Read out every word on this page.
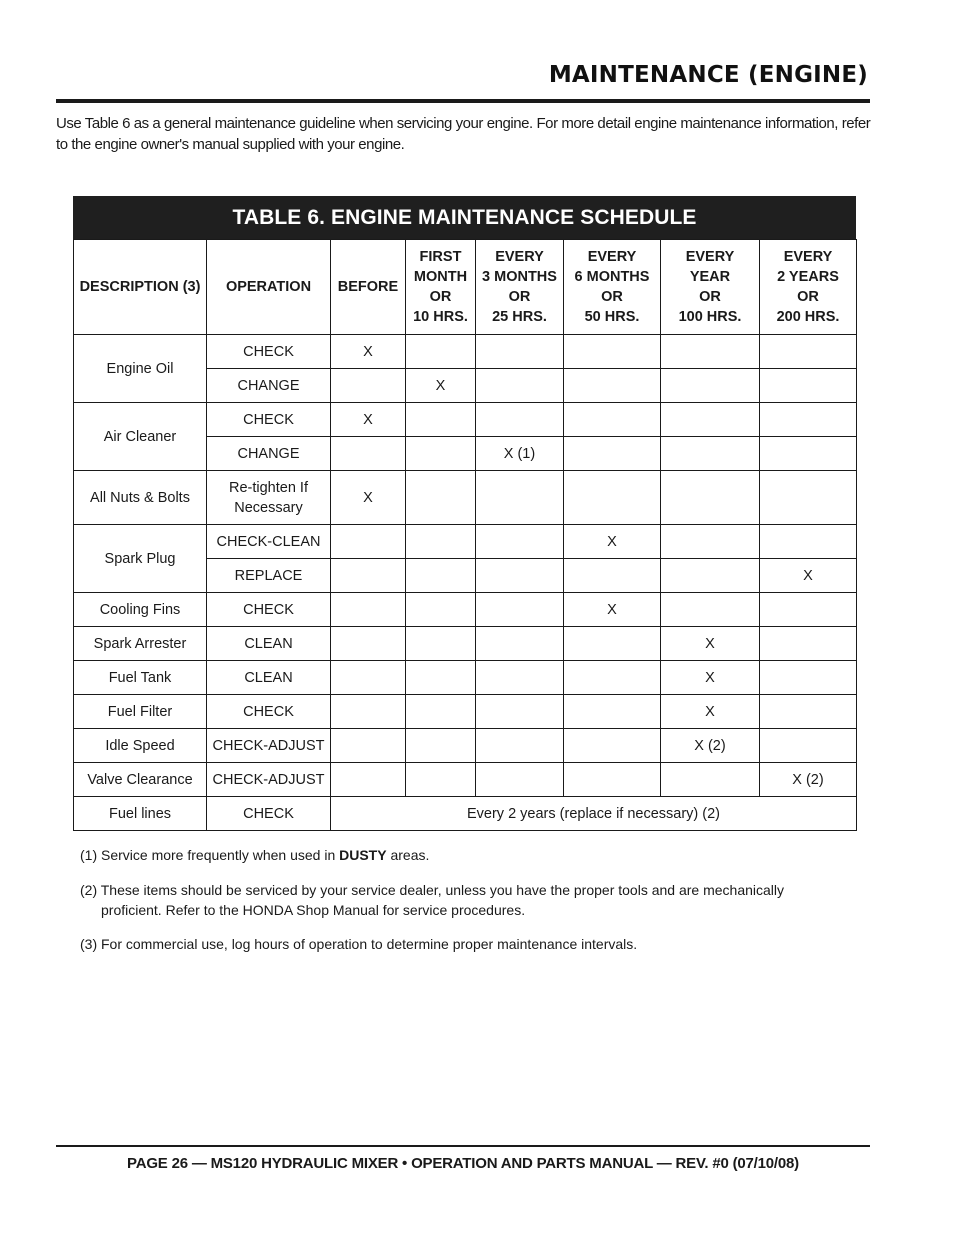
MAINTENANCE (ENGINE)

Use Table 6 as a general maintenance guideline when servicing your engine. For more detail engine maintenance information, refer to the engine owner's manual supplied with your engine.

TABLE 6. ENGINE MAINTENANCE SCHEDULE
DESCRIPTION (3)	OPERATION	BEFORE	FIRST
MONTH
OR
10 HRS.	EVERY
3 MONTHS
OR
25 HRS.	EVERY
6 MONTHS
OR
50 HRS.	EVERY
YEAR
OR
100 HRS.	EVERY
2 YEARS
OR
200 HRS.
Engine Oil	CHECK	X					
	CHANGE		X				
Air Cleaner	CHECK	X					
	CHANGE			X (1)			
All Nuts & Bolts	Re-tighten If
Necessary	X					
Spark Plug	CHECK-CLEAN				X		
	REPLACE						X
Cooling Fins	CHECK				X		
Spark Arrester	CLEAN					X	
Fuel Tank	CLEAN					X	
Fuel Filter	CHECK					X	
Idle Speed	CHECK-ADJUST					X (2)	
Valve Clearance	CHECK-ADJUST						X (2)
Fuel lines	CHECK	Every 2 years (replace if necessary) (2)					

(1) Service more frequently when used in DUSTY areas.

(2) These items should be serviced by your service dealer, unless you have the proper tools and are mechanically proficient. Refer to the HONDA Shop Manual for service procedures.

(3) For commercial use, log hours of operation to determine proper maintenance intervals.

PAGE 26 — MS120 HYDRAULIC MIXER • OPERATION AND PARTS MANUAL — REV. #0 (07/10/08)
